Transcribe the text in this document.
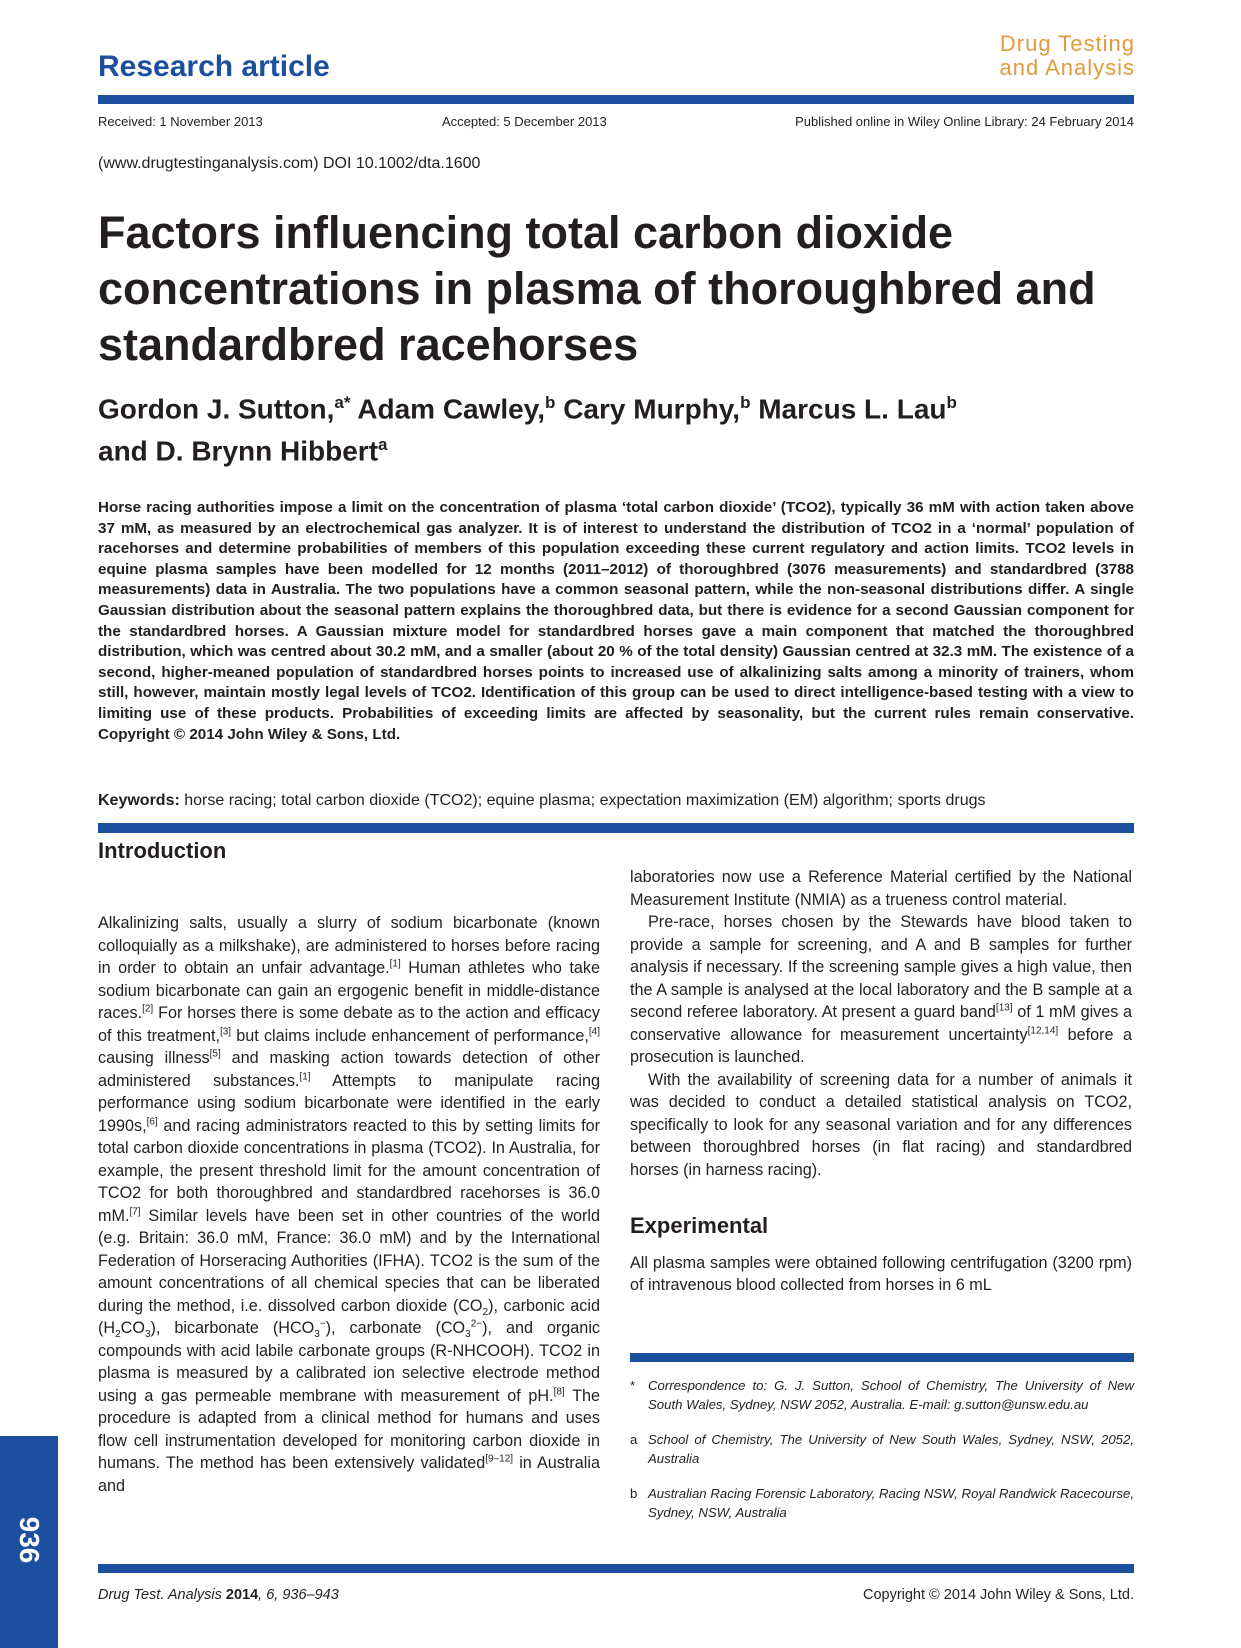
Research article
Drug Testing
and Analysis
Received: 1 November 2013	Accepted: 5 December 2013	Published online in Wiley Online Library: 24 February 2014
(www.drugtestinganalysis.com) DOI 10.1002/dta.1600
Factors influencing total carbon dioxide concentrations in plasma of thoroughbred and standardbred racehorses
Gordon J. Sutton,$^{a*}$ Adam Cawley,$^b$ Cary Murphy,$^b$ Marcus L. Lau$^b$
and D. Brynn Hibbert$^a$
Horse racing authorities impose a limit on the concentration of plasma ‘total carbon dioxide’ (TCO2), typically 36 mM with action taken above 37 mM, as measured by an electrochemical gas analyzer. It is of interest to understand the distribution of TCO2 in a ‘normal’ population of racehorses and determine probabilities of members of this population exceeding these current regulatory and action limits. TCO2 levels in equine plasma samples have been modelled for 12 months (2011–2012) of thoroughbred (3076 measurements) and standardbred (3788 measurements) data in Australia. The two populations have a common seasonal pattern, while the non-seasonal distributions differ. A single Gaussian distribution about the seasonal pattern explains the thoroughbred data, but there is evidence for a second Gaussian component for the standardbred horses. A Gaussian mixture model for standardbred horses gave a main component that matched the thoroughbred distribution, which was centred about 30.2 mM, and a smaller (about 20 % of the total density) Gaussian centred at 32.3 mM. The existence of a second, higher-meaned population of standardbred horses points to increased use of alkalinizing salts among a minority of trainers, whom still, however, maintain mostly legal levels of TCO2. Identification of this group can be used to direct intelligence-based testing with a view to limiting use of these products. Probabilities of exceeding limits are affected by seasonality, but the current rules remain conservative. Copyright © 2014 John Wiley & Sons, Ltd.
Keywords: horse racing; total carbon dioxide (TCO2); equine plasma; expectation maximization (EM) algorithm; sports drugs
Introduction

Alkalinizing salts, usually a slurry of sodium bicarbonate (known colloquially as a milkshake), are administered to horses before racing in order to obtain an unfair advantage.[1] Human athletes who take sodium bicarbonate can gain an ergogenic benefit in middle-distance races.[2] For horses there is some debate as to the action and efficacy of this treatment,[3] but claims include enhancement of performance,[4] causing illness[5] and masking action towards detection of other administered substances.[1] Attempts to manipulate racing performance using sodium bicarbonate were identified in the early 1990s,[6] and racing administrators reacted to this by setting limits for total carbon dioxide concentrations in plasma (TCO2). In Australia, for example, the present threshold limit for the amount concentration of TCO2 for both thoroughbred and standardbred racehorses is 36.0 mM.[7] Similar levels have been set in other countries of the world (e.g. Britain: 36.0 mM, France: 36.0 mM) and by the International Federation of Horseracing Authorities (IFHA). TCO2 is the sum of the amount concentrations of all chemical species that can be liberated during the method, i.e. dissolved carbon dioxide $(CO_2)$, carbonic acid $(H_2CO_3)$, bicarbonate $(HCO_3^-)$, carbonate $(CO_3^{2-})$, and organic compounds with acid labile carbonate groups (R-NHCOOH). TCO2 in plasma is measured by a calibrated ion selective electrode method using a gas permeable membrane with measurement of pH.[8] The procedure is adapted from a clinical method for humans and uses flow cell instrumentation developed for monitoring carbon dioxide in humans. The method has been extensively validated[9–12] in Australia and

laboratories now use a Reference Material certified by the National Measurement Institute (NMIA) as a trueness control material.

Pre-race, horses chosen by the Stewards have blood taken to provide a sample for screening, and A and B samples for further analysis if necessary. If the screening sample gives a high value, then the A sample is analysed at the local laboratory and the B sample at a second referee laboratory. At present a guard band[13] of 1 mM gives a conservative allowance for measurement uncertainty[12,14] before a prosecution is launched.

With the availability of screening data for a number of animals it was decided to conduct a detailed statistical analysis on TCO2, specifically to look for any seasonal variation and for any differences between thoroughbred horses (in flat racing) and standardbred horses (in harness racing).

Experimental

All plasma samples were obtained following centrifugation (3200 rpm) of intravenous blood collected from horses in 6 mL

* Correspondence to: G. J. Sutton, School of Chemistry, The University of New South Wales, Sydney, NSW 2052, Australia. E-mail: g.sutton@unsw.edu.au
a School of Chemistry, The University of New South Wales, Sydney, NSW, 2052, Australia
b Australian Racing Forensic Laboratory, Racing NSW, Royal Randwick Racecourse, Sydney, NSW, Australia
936
Drug Test. Analysis 2014, 6, 936–943	Copyright © 2014 John Wiley & Sons, Ltd.
